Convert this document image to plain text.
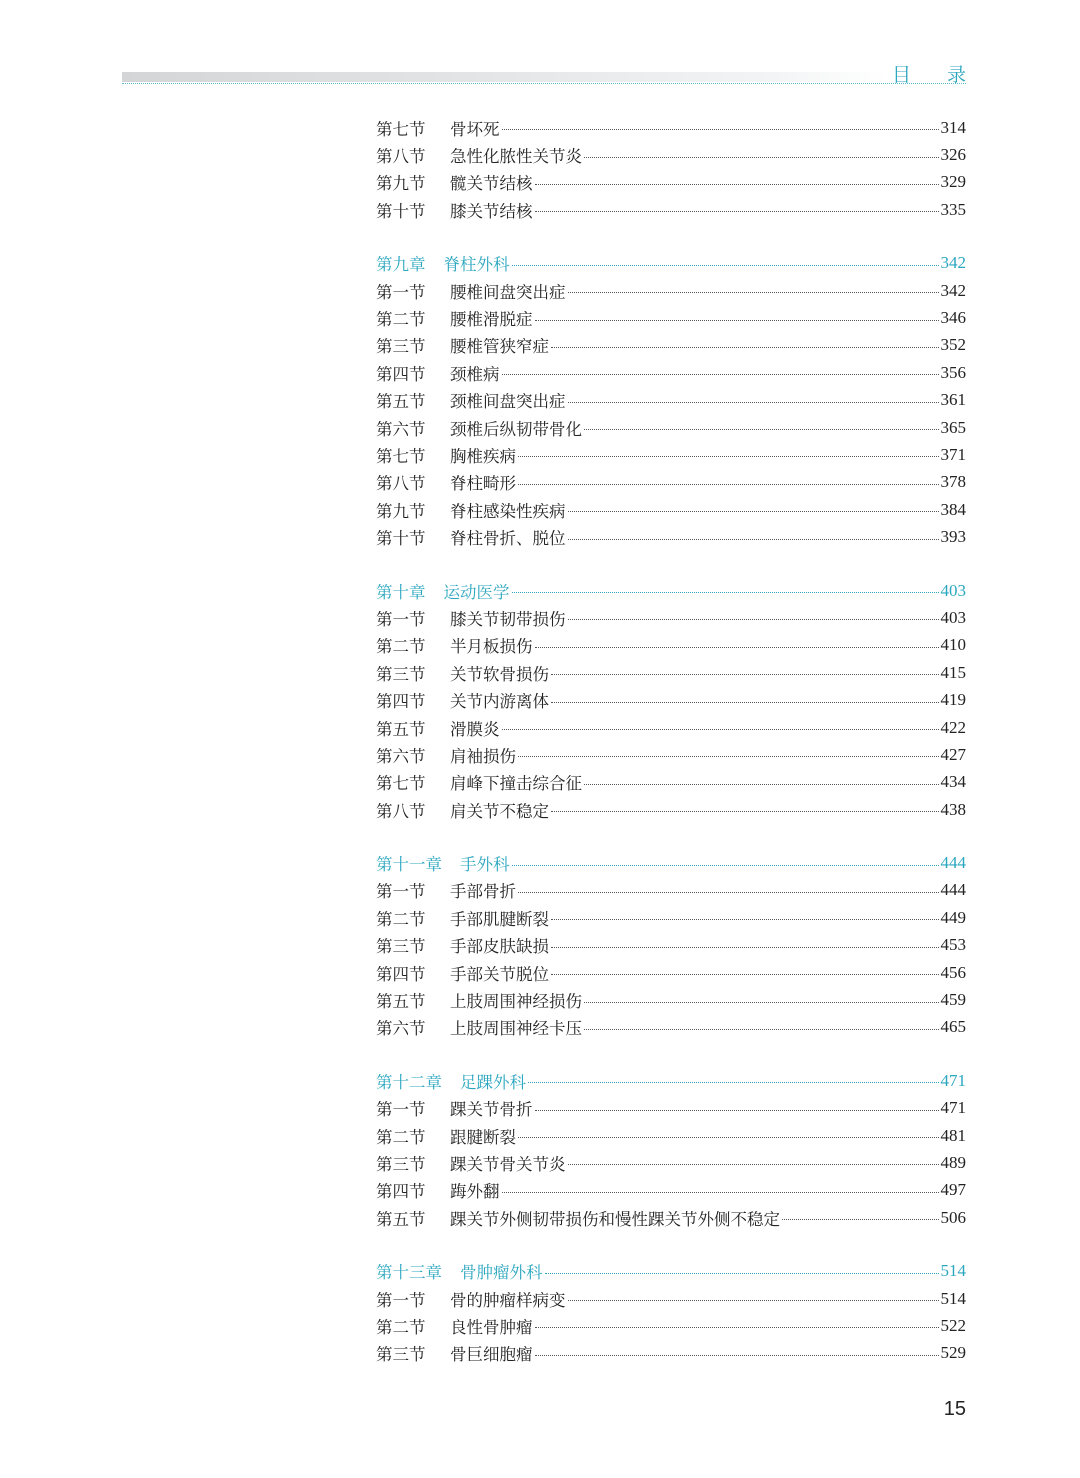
目录
第七节	骨坏死	314
第八节	急性化脓性关节炎	326
第九节	髋关节结核	329
第十节	膝关节结核	335
第九章 脊柱外科	342
第一节	腰椎间盘突出症	342
第二节	腰椎滑脱症	346
第三节	腰椎管狭窄症	352
第四节	颈椎病	356
第五节	颈椎间盘突出症	361
第六节	颈椎后纵韧带骨化	365
第七节	胸椎疾病	371
第八节	脊柱畸形	378
第九节	脊柱感染性疾病	384
第十节	脊柱骨折、脱位	393
第十章 运动医学	403
第一节	膝关节韧带损伤	403
第二节	半月板损伤	410
第三节	关节软骨损伤	415
第四节	关节内游离体	419
第五节	滑膜炎	422
第六节	肩袖损伤	427
第七节	肩峰下撞击综合征	434
第八节	肩关节不稳定	438
第十一章 手外科	444
第一节	手部骨折	444
第二节	手部肌腱断裂	449
第三节	手部皮肤缺损	453
第四节	手部关节脱位	456
第五节	上肢周围神经损伤	459
第六节	上肢周围神经卡压	465
第十二章 足踝外科	471
第一节	踝关节骨折	471
第二节	跟腱断裂	481
第三节	踝关节骨关节炎	489
第四节	踇外翻	497
第五节	踝关节外侧韧带损伤和慢性踝关节外侧不稳定	506
第十三章 骨肿瘤外科	514
第一节	骨的肿瘤样病变	514
第二节	良性骨肿瘤	522
第三节	骨巨细胞瘤	529
15
